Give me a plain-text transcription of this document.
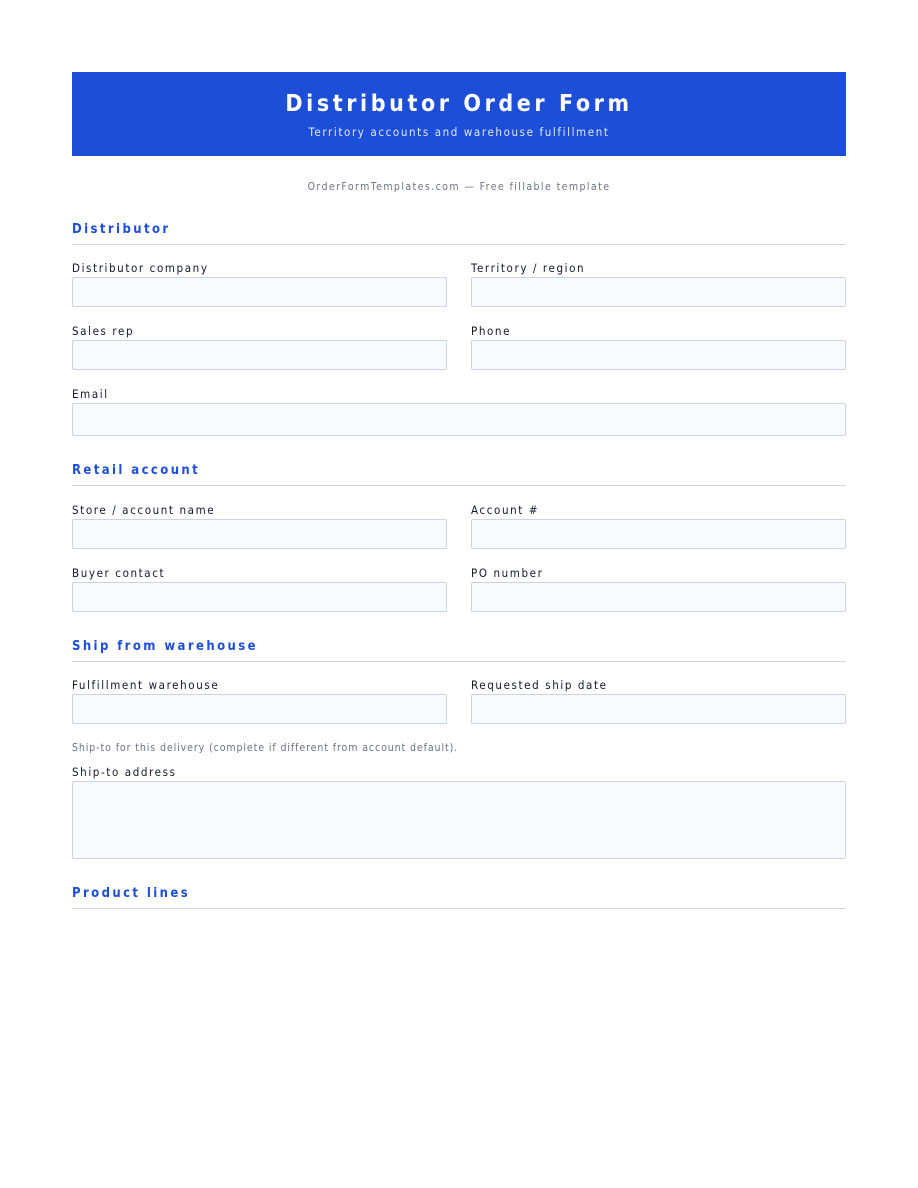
Distributor Order Form
Territory accounts and warehouse fulfillment
OrderFormTemplates.com — Free fillable template
Distributor
Distributor company	Territory / region
Sales rep	Phone
Email
Retail account
Store / account name	Account #
Buyer contact	PO number
Ship from warehouse
Fulfillment warehouse	Requested ship date
Ship-to for this delivery (complete if different from account default).
Ship-to address
Product lines
